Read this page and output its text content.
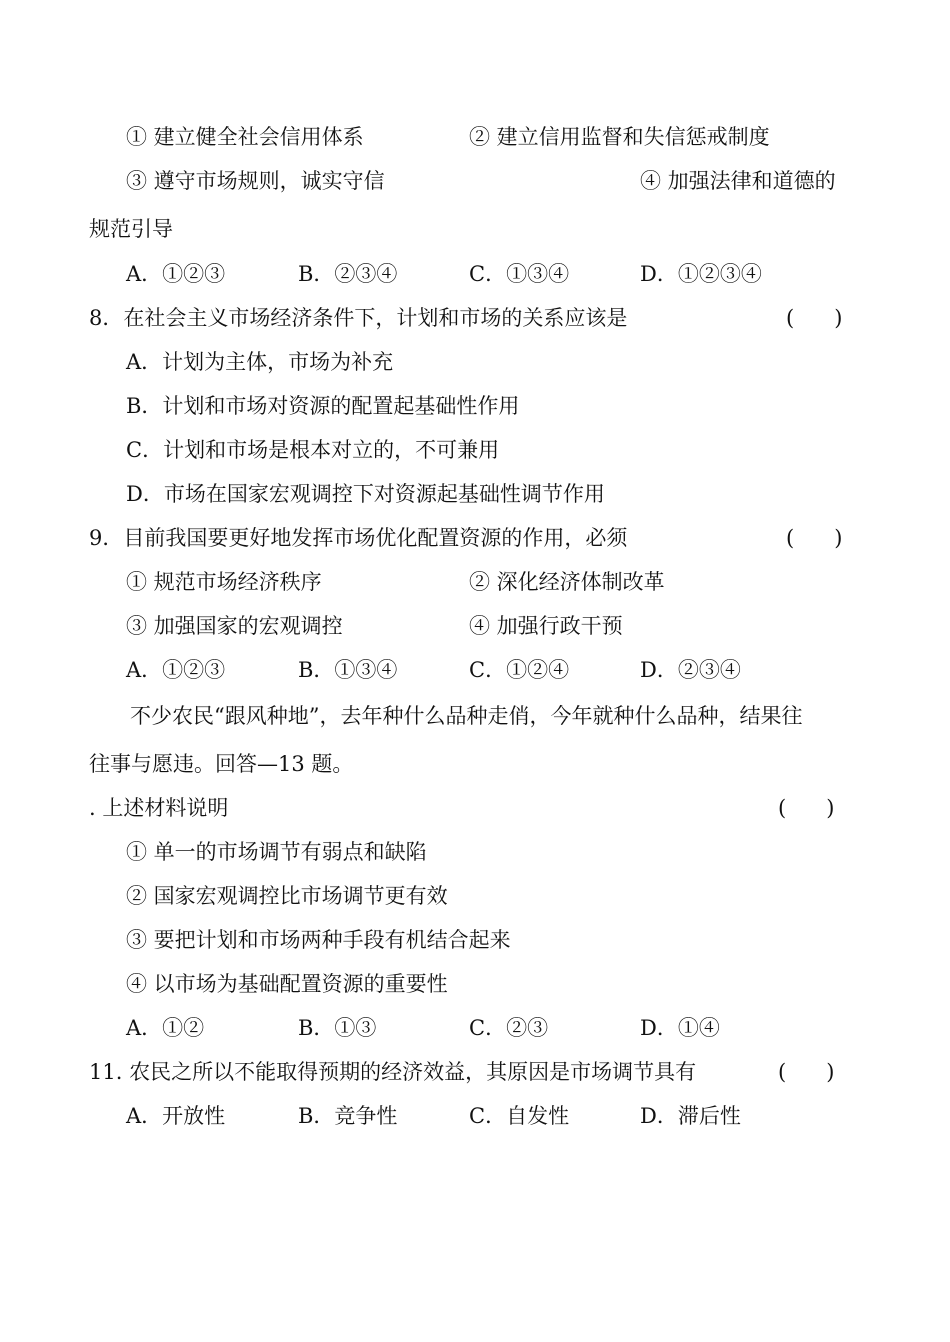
① 建立健全社会信用体系	② 建立信用监督和失信惩戒制度
③ 遵守市场规则，诚实守信	④ 加强法律和道德的
规范引导
A．①②③	B．②③④	C．①③④	D．①②③④
8．在社会主义市场经济条件下，计划和市场的关系应该是	(      )
A．计划为主体，市场为补充
B．计划和市场对资源的配置起基础性作用
C．计划和市场是根本对立的，不可兼用
D．市场在国家宏观调控下对资源起基础性调节作用
9．目前我国要更好地发挥市场优化配置资源的作用，必须	(      )
① 规范市场经济秩序	② 深化经济体制改革
③ 加强国家的宏观调控	④ 加强行政干预
A．①②③	B．①③④	C．①②④	D．②③④
不少农民“跟风种地”，去年种什么品种走俏，今年就种什么品种，结果往
往事与愿违。回答—13 题。
. 上述材料说明	(      )
① 单一的市场调节有弱点和缺陷
② 国家宏观调控比市场调节更有效
③ 要把计划和市场两种手段有机结合起来
④ 以市场为基础配置资源的重要性
A．①②	B．①③	C．②③	D．①④
11. 农民之所以不能取得预期的经济效益，其原因是市场调节具有	(      )
A．开放性	B．竞争性	C．自发性	D．滞后性
